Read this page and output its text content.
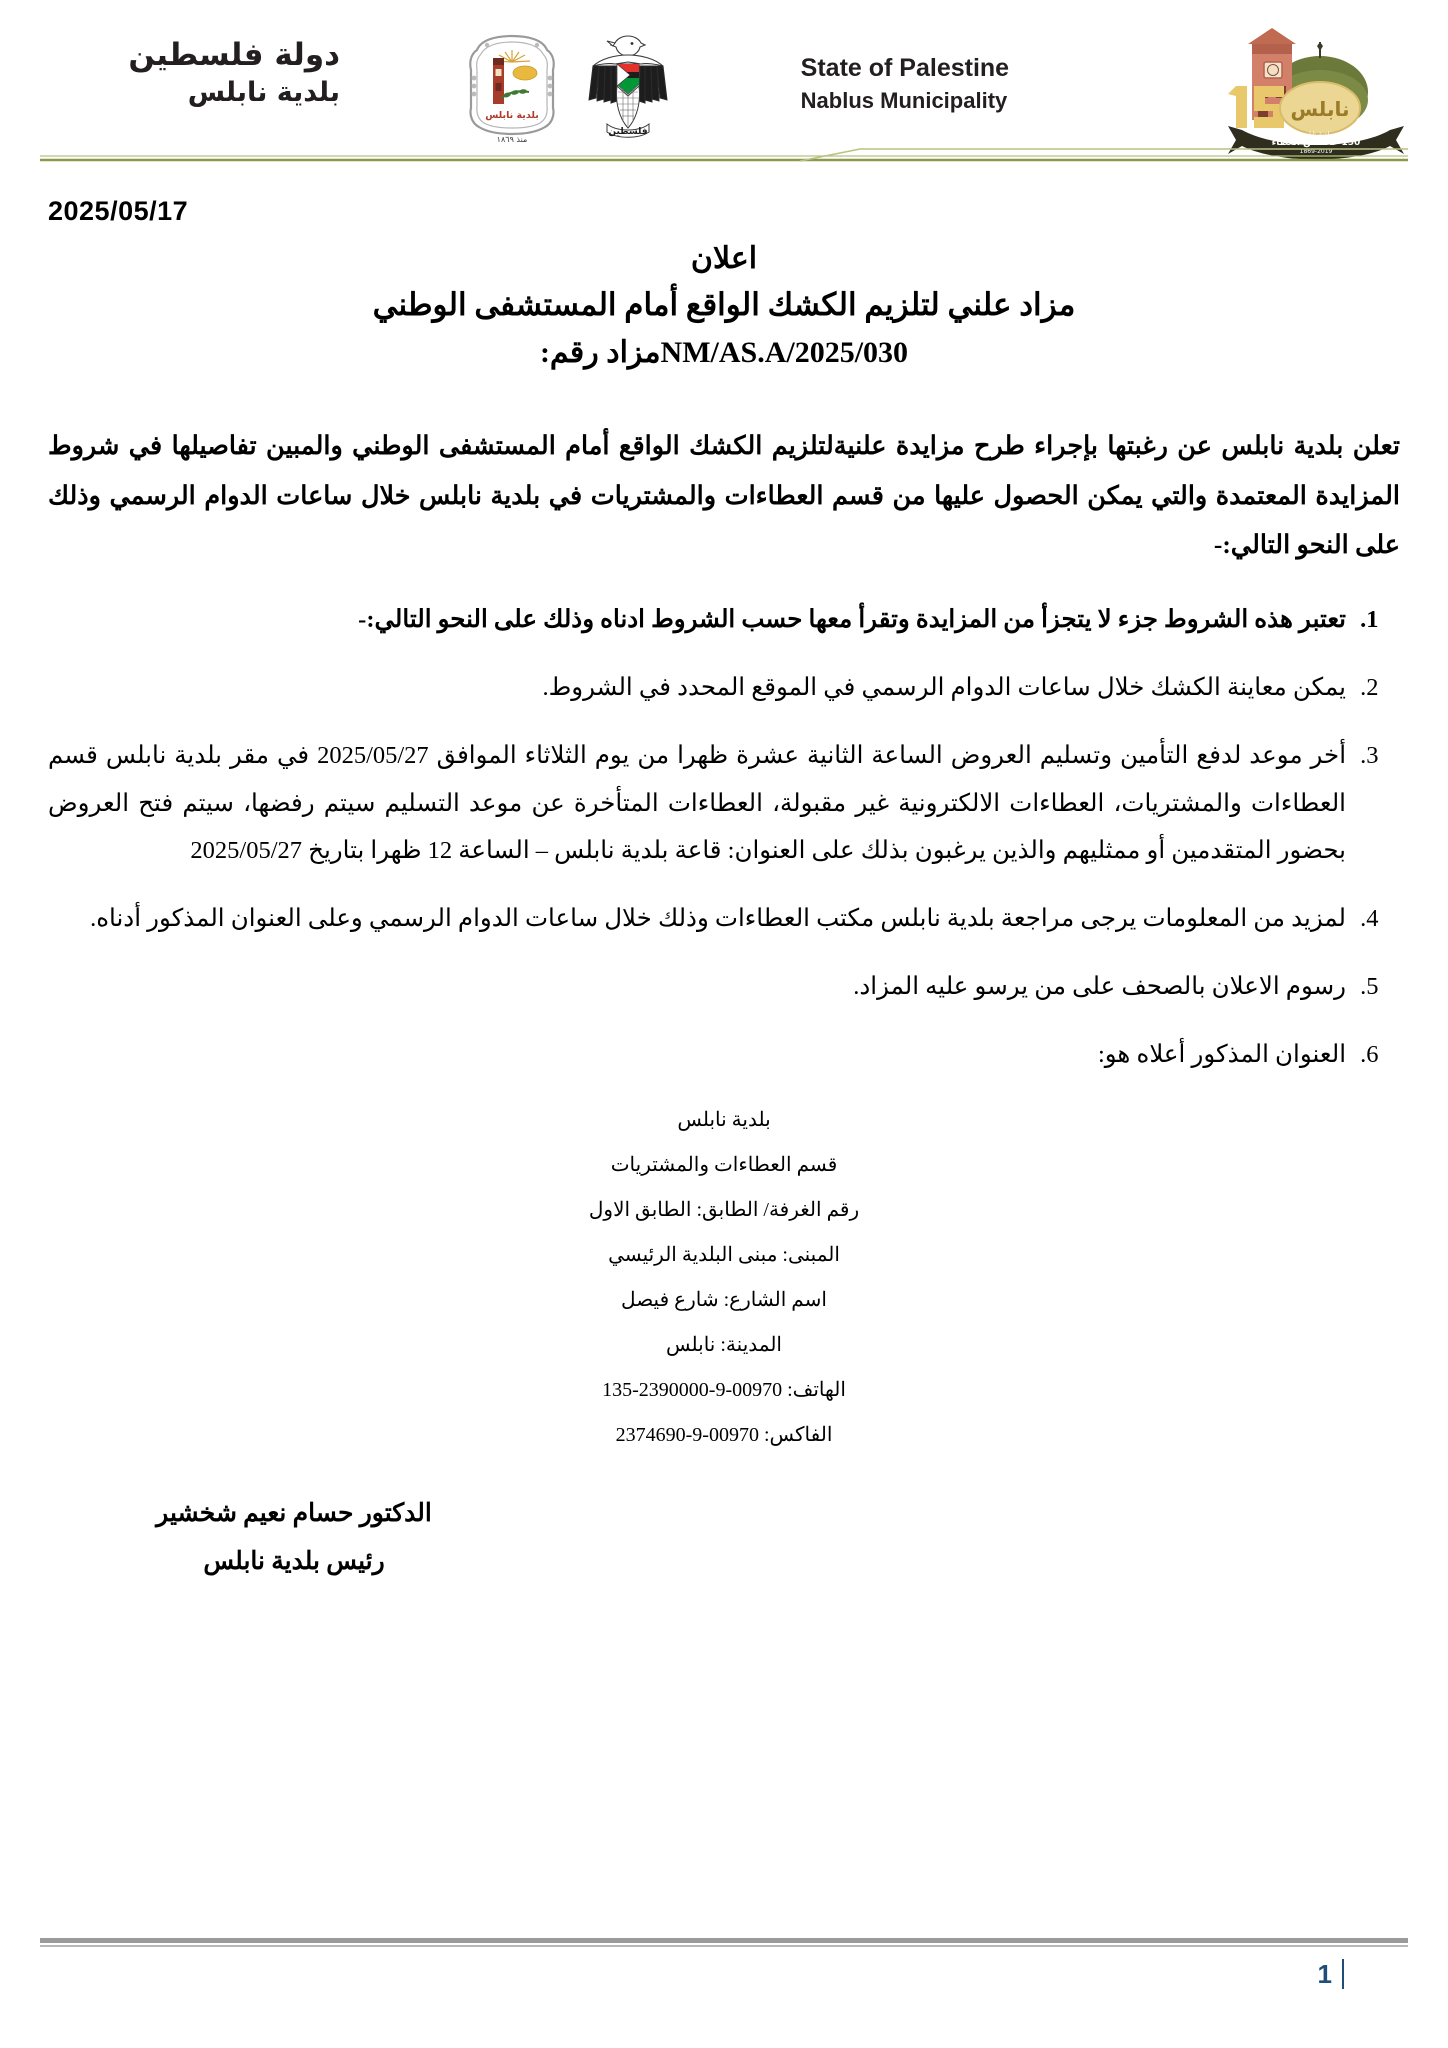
دولة فلسطين
بلدية نابلس
فلسطين
بلدية نابلس
منذ ١٨٦٩
State of Palestine
Nablus Municipality	نابلس
بلدية نابلس
150 عاما من العطاء
1869-2019
2025/05/17
اعلان
مزاد علني لتلزيم الكشك الواقع أمام المستشفى الوطني
NM/AS.A/2025/030مزاد رقم:

تعلن بلدية نابلس عن رغبتها بإجراء طرح مزايدة علنيةلتلزيم الكشك الواقع أمام المستشفى الوطني والمبين تفاصيلها في شروط المزايدة المعتمدة والتي يمكن الحصول عليها من قسم العطاءات والمشتريات في بلدية نابلس خلال ساعات الدوام الرسمي وذلك على النحو التالي:-

1. تعتبر هذه الشروط جزء لا يتجزأ من المزايدة وتقرأ معها حسب الشروط ادناه وذلك على النحو التالي:-
2. يمكن معاينة الكشك خلال ساعات الدوام الرسمي في الموقع المحدد في الشروط.
3. أخر موعد لدفع التأمين وتسليم العروض الساعة الثانية عشرة ظهرا من يوم الثلاثاء الموافق 2025/05/27 في مقر بلدية نابلس قسم العطاءات والمشتريات، العطاءات الالكترونية غير مقبولة، العطاءات المتأخرة عن موعد التسليم سيتم رفضها، سيتم فتح العروض بحضور المتقدمين أو ممثليهم والذين يرغبون بذلك على العنوان: قاعة بلدية نابلس – الساعة 12 ظهرا بتاريخ 2025/05/27
4. لمزيد من المعلومات يرجى مراجعة بلدية نابلس مكتب العطاءات وذلك خلال ساعات الدوام الرسمي وعلى العنوان المذكور أدناه.
5. رسوم الاعلان بالصحف على من يرسو عليه المزاد.
6. العنوان المذكور أعلاه هو:
بلدية نابلس
قسم العطاءات والمشتريات
رقم الغرفة/ الطابق: الطابق الاول
المبنى: مبنى البلدية الرئيسي
اسم الشارع: شارع فيصل
المدينة: نابلس
الهاتف: 00970-9-2390000-135
الفاكس: 00970-9-2374690
الدكتور حسام نعيم شخشير
رئيس بلدية نابلس
1
